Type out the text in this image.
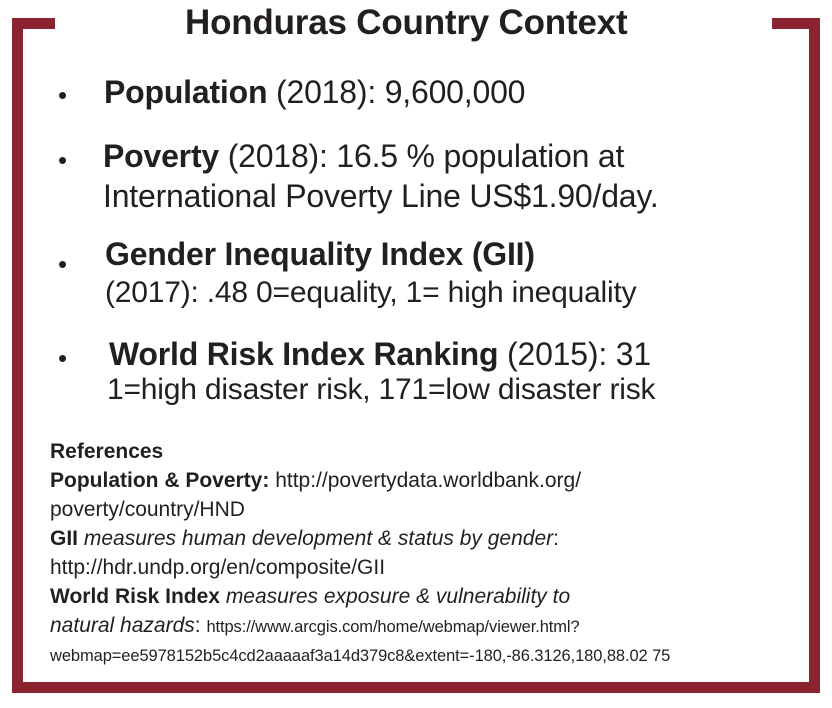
Honduras Country Context
• Population (2018): 9,600,000
• Poverty (2018): 16.5 % population at
International Poverty Line US$1.90/day.
• Gender Inequality Index (GII)
(2017): .48 0=equality, 1= high inequality
• World Risk Index Ranking (2015): 31
1=high disaster risk, 171=low disaster risk
References
Population & Poverty: http://povertydata.worldbank.org/
poverty/country/HND
GII measures human development & status by gender:
http://hdr.undp.org/en/composite/GII
World Risk Index measures exposure & vulnerability to
natural hazards: https://www.arcgis.com/home/webmap/viewer.html?
webmap=ee5978152b5c4cd2aaaaaf3a14d379c8&extent=-180,-86.3126,180,88.02 75
